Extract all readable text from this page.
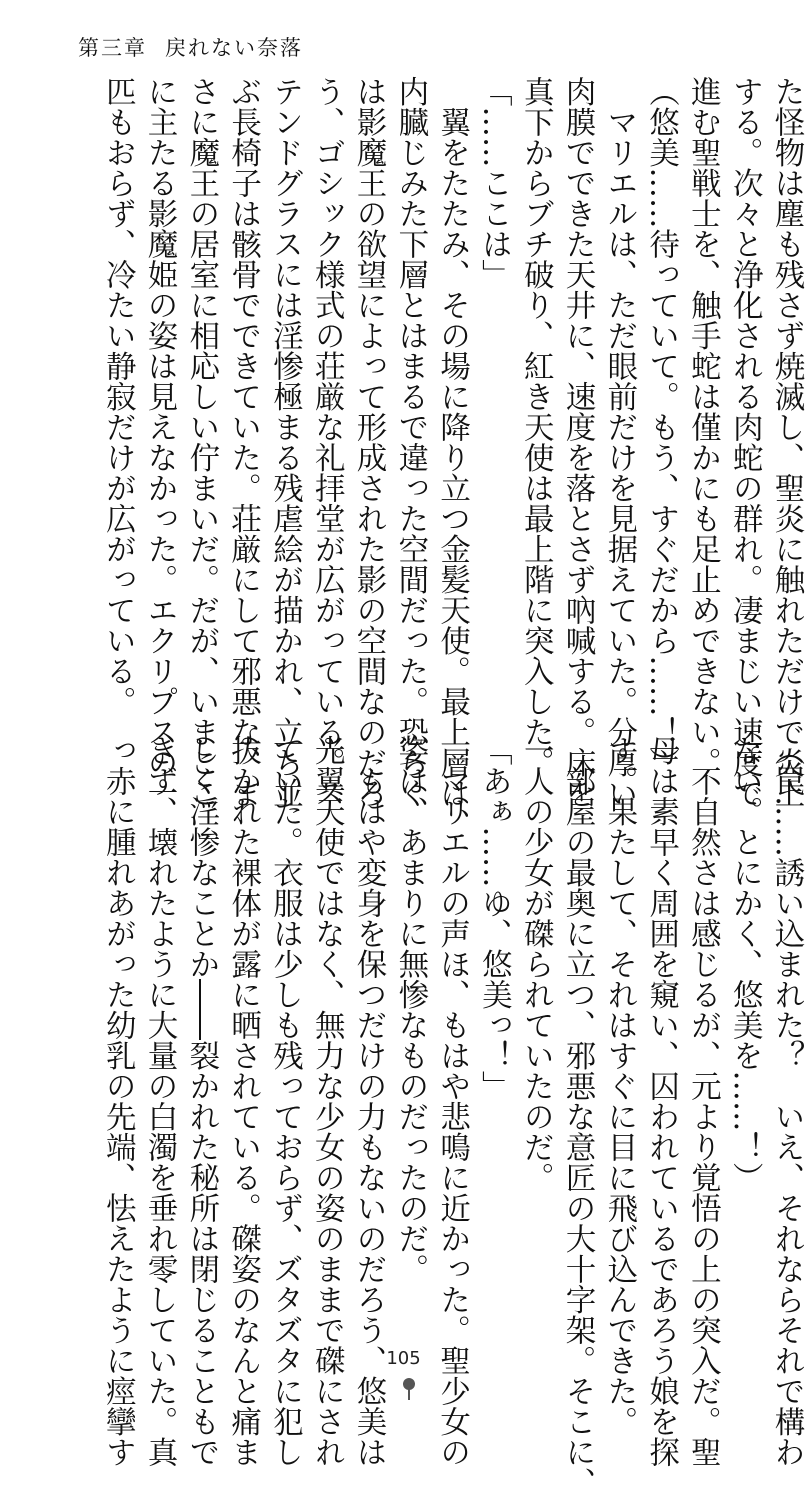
第三章 戻れない奈落

た怪物は塵も残さず焼滅し、聖炎に触れただけで炎上

する。次々と浄化される肉蛇の群れ。凄まじい速度で

進む聖戦士を、触手蛇は僅かにも足止めできない。

（悠美……待っていて。もう、すぐだから……！）

　マリエルは、ただ眼前だけを見据えていた。分厚い

肉膜でできた天井に、速度を落とさず吶喊する。床を

真下からブチ破り、紅き天使は最上階に突入した。

「……ここは」

　翼をたたみ、その場に降り立つ金髪天使。最上層は、

内臓じみた下層とはまるで違った空間だった。恐らく

は影魔王の欲望によって形成された影の空間なのだろ

う、ゴシック様式の荘厳な礼拝堂が広がっている。ス

テンドグラスには淫惨極まる残虐絵が描かれ、立ち並

ぶ長椅子は骸骨でできていた。荘厳にして邪悪な、ま

さに魔王の居室に相応しい佇まいだ。だが、いまここ

に主たる影魔姫の姿は見えなかった。エクリプスの一

匹もおらず、冷たい静寂だけが広がっている。

（罠……誘い込まれた？　いえ、それならそれで構わ

ない。とにかく、悠美を……！）

　不自然さは感じるが、元より覚悟の上の突入だ。聖

母は素早く周囲を窺い、囚われているであろう娘を探

す。果たして、それはすぐに目に飛び込んできた。

　部屋の最奥に立つ、邪悪な意匠の大十字架。そこに、

一人の少女が磔られていたのだ。

「あぁ……ゆ、悠美っ！」

　マリエルの声ほ、もはや悲鳴に近かった。聖少女の

姿は、あまりに無惨なものだったのだ。

　もはや変身を保つだけの力もないのだろう、悠美は

光翼天使ではなく、無力な少女の姿のままで磔にされ

ていた。衣服は少しも残っておらず、ズタズタに犯し

抜かれた裸体が露に晒されている。磔姿のなんと痛ま

しく淫惨なことか――裂かれた秘所は閉じることもで

きず、壊れたように大量の白濁を垂れ零していた。真

っ赤に腫れあがった幼乳の先端、怯えたように痙攣す	105
